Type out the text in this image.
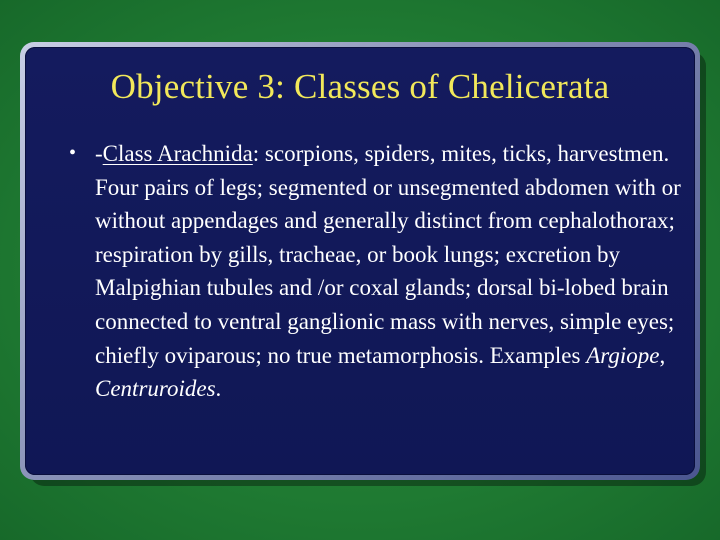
Objective 3: Classes of Chelicerata
• -Class Arachnida: scorpions, spiders, mites, ticks, harvestmen. Four pairs of legs; segmented or unsegmented abdomen with or without appendages and generally distinct from cephalothorax; respiration by gills, tracheae, or book lungs; excretion by Malpighian tubules and /or coxal glands; dorsal bi-lobed brain connected to ventral ganglionic mass with nerves, simple eyes; chiefly oviparous; no true metamorphosis. Examples Argiope, Centruroides.
